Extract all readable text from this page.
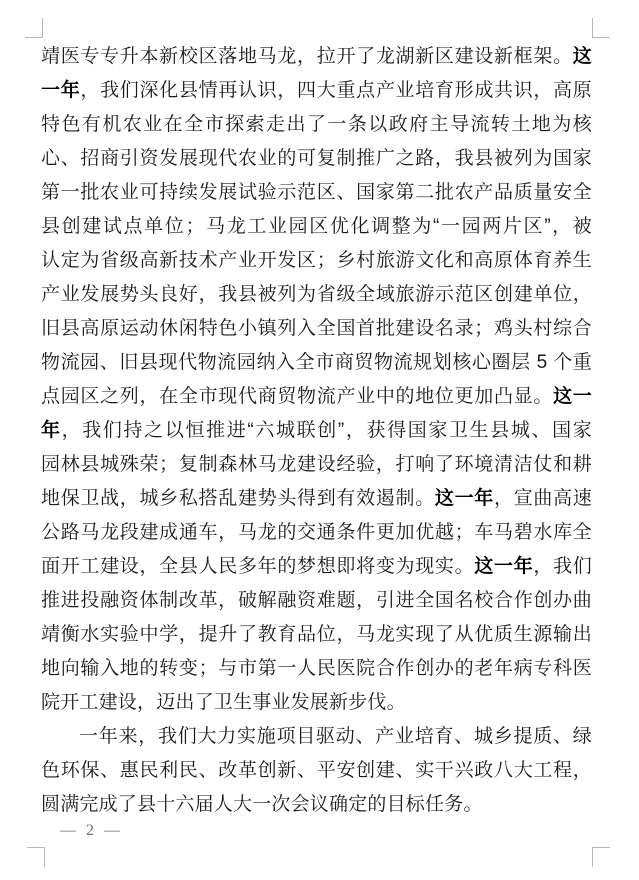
靖医专专升本新校区落地马龙，拉开了龙湖新区建设新框架。这
一年，我们深化县情再认识，四大重点产业培育形成共识，高原
特色有机农业在全市探索走出了一条以政府主导流转土地为核
心、招商引资发展现代农业的可复制推广之路，我县被列为国家
第一批农业可持续发展试验示范区、国家第二批农产品质量安全
县创建试点单位；马龙工业园区优化调整为“一园两片区”，被
认定为省级高新技术产业开发区；乡村旅游文化和高原体育养生
产业发展势头良好，我县被列为省级全域旅游示范区创建单位，
旧县高原运动休闲特色小镇列入全国首批建设名录；鸡头村综合
物流园、旧县现代物流园纳入全市商贸物流规划核心圈层 5 个重
点园区之列，在全市现代商贸物流产业中的地位更加凸显。这一
年，我们持之以恒推进“六城联创”，获得国家卫生县城、国家
园林县城殊荣；复制森林马龙建设经验，打响了环境清洁仗和耕
地保卫战，城乡私搭乱建势头得到有效遏制。这一年，宣曲高速
公路马龙段建成通车，马龙的交通条件更加优越；车马碧水库全
面开工建设，全县人民多年的梦想即将变为现实。这一年，我们
推进投融资体制改革，破解融资难题，引进全国名校合作创办曲
靖衡水实验中学，提升了教育品位，马龙实现了从优质生源输出
地向输入地的转变；与市第一人民医院合作创办的老年病专科医
院开工建设，迈出了卫生事业发展新步伐。
一年来，我们大力实施项目驱动、产业培育、城乡提质、绿
色环保、惠民利民、改革创新、平安创建、实干兴政八大工程，
圆满完成了县十六届人大一次会议确定的目标任务。
— 2 —
